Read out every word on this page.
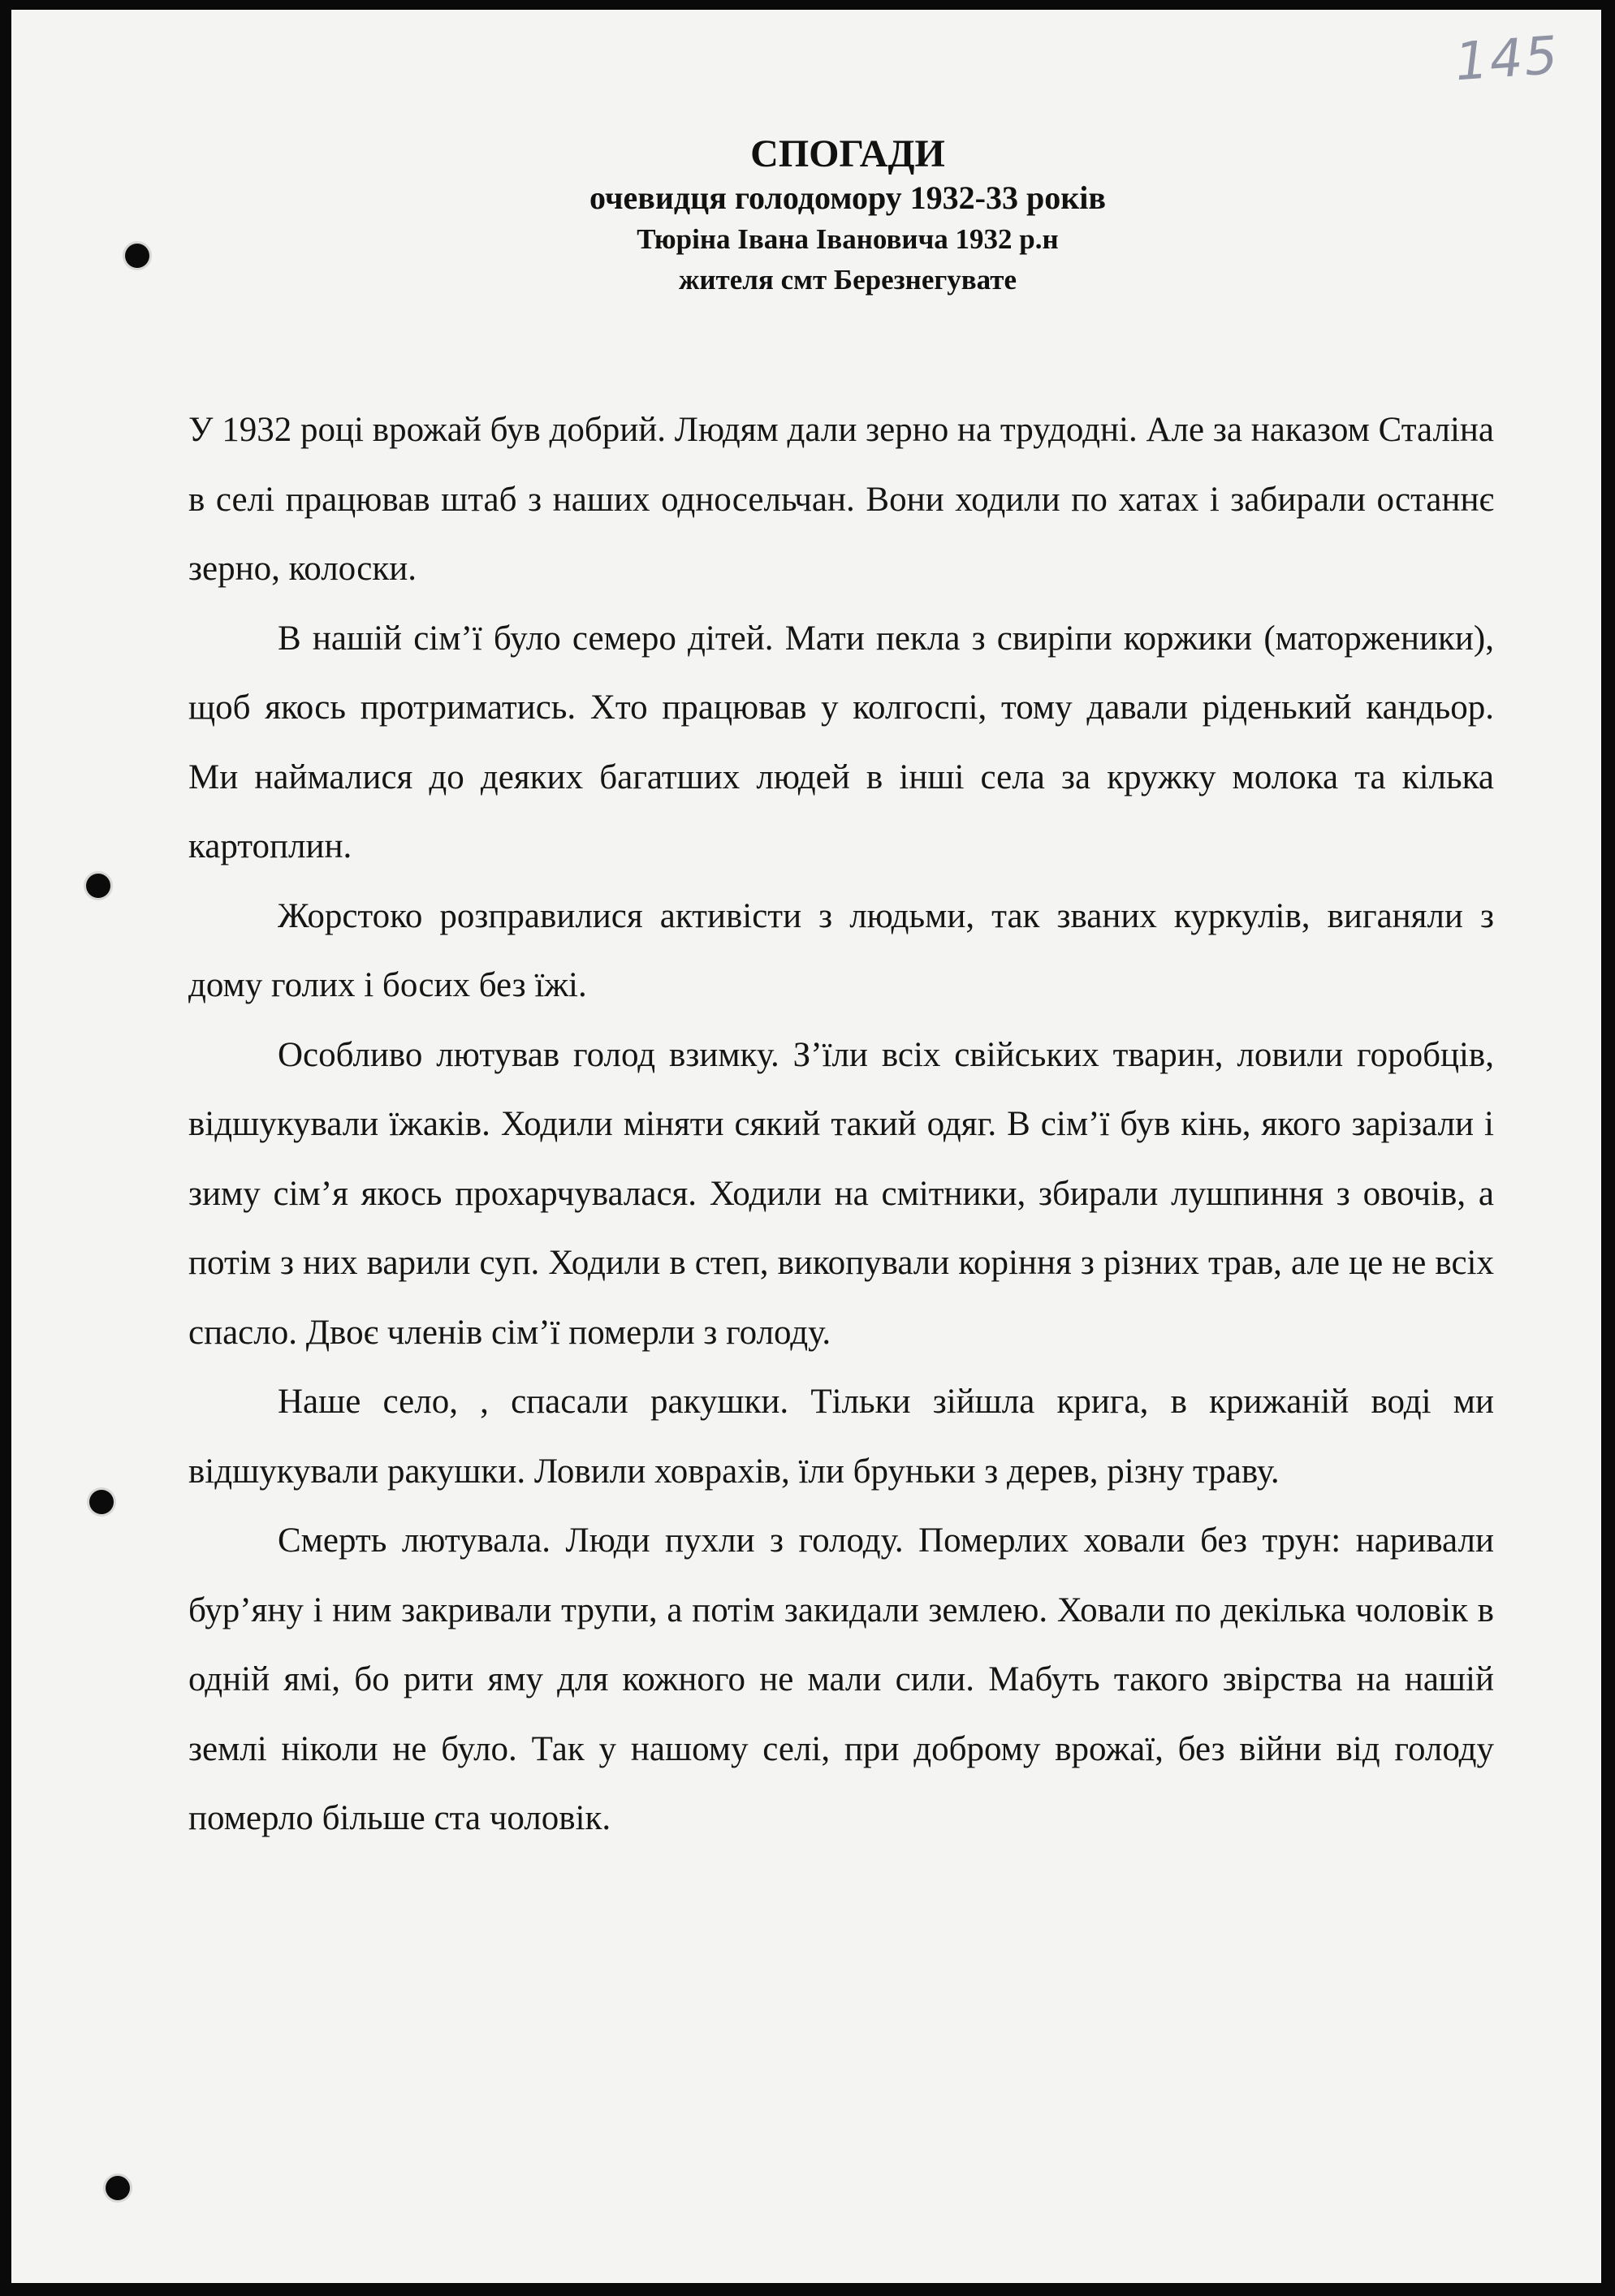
145
СПОГАДИ
очевидця голодомору 1932-33 років
Тюріна Івана Івановича 1932 р.н
жителя смт Березнегувате

У 1932 році врожай був добрий. Людям дали зерно на трудодні. Але за наказом Сталіна в селі працював штаб з наших односельчан. Вони ходили по хатах і забирали останнє зерно, колоски.

В нашій сім’ї було семеро дітей. Мати пекла з свиріпи коржики (маторженики), щоб якось протриматись. Хто працював у колгоспі, тому давали ріденький кандьор. Ми наймалися до деяких багатших людей в інші села за кружку молока та кілька картоплин.

Жорстоко розправилися активісти з людьми, так званих куркулів, виганяли з дому голих і босих без їжі.

Особливо лютував голод взимку. З’їли всіх свійських тварин, ловили горобців, відшукували їжаків. Ходили міняти сякий такий одяг. В сім’ї був кінь, якого зарізали і зиму сім’я якось прохарчувалася. Ходили на смітники, збирали лушпиння з овочів, а потім з них варили суп. Ходили в степ, викопували коріння з різних трав, але це не всіх спасло. Двоє членів сім’ї померли з голоду.

Наше село, , спасали ракушки. Тільки зійшла крига, в крижаній воді ми відшукували ракушки. Ловили ховрахів, їли бруньки з дерев, різну траву.

Смерть лютувала. Люди пухли з голоду. Померлих ховали без трун: наривали бур’яну і ним закривали трупи, а потім закидали землею. Ховали по декілька чоловік в одній ямі, бо рити яму для кожного не мали сили. Мабуть такого звірства на нашій землі ніколи не було. Так у нашому селі, при доброму врожаї, без війни від голоду померло більше ста чоловік.
